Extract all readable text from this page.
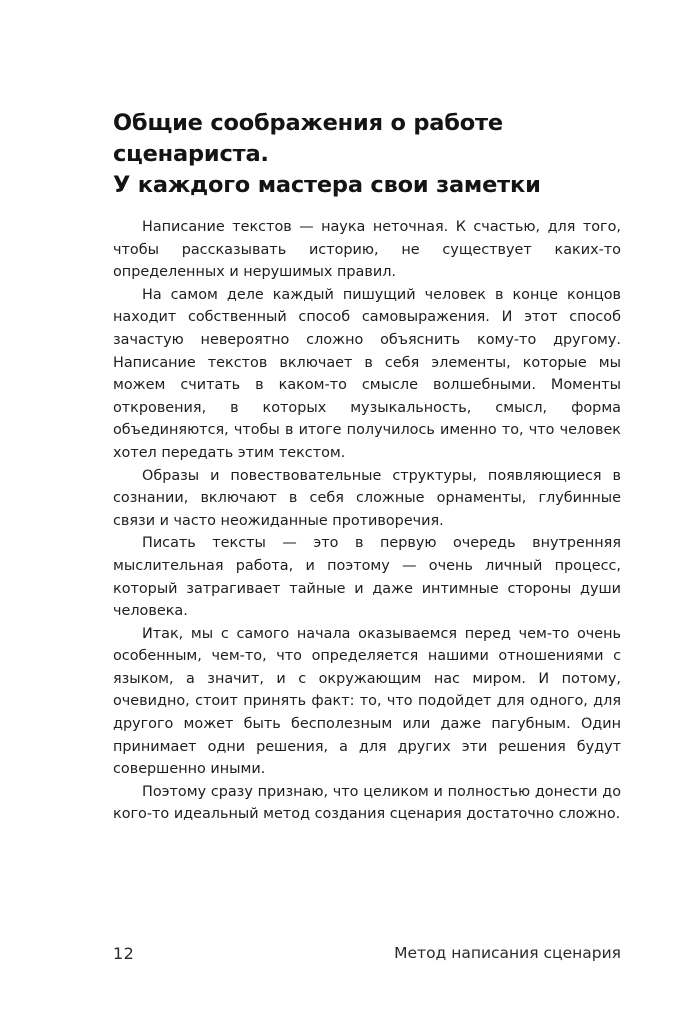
Общие соображения о работе
сценариста.
У каждого мастера свои заметки

Написание текстов — наука неточная. К счастью, для того, чтобы рассказывать историю, не существует каких-то определенных и нерушимых правил.

На самом деле каждый пишущий человек в конце концов находит собственный способ самовыражения. И этот способ зачастую невероятно сложно объяснить кому-то другому. Написание текстов включает в себя элементы, которые мы можем считать в каком-то смысле волшебными. Моменты откровения, в которых музыкальность, смысл, форма объединяются, чтобы в итоге получилось именно то, что человек хотел передать этим текстом.

Образы и повествовательные структуры, появляющиеся в сознании, включают в себя сложные орнаменты, глубинные связи и часто неожиданные противоречия.

Писать тексты — это в первую очередь внутренняя мыслительная работа, и поэтому — очень личный процесс, который затрагивает тайные и даже интимные стороны души человека.

Итак, мы с самого начала оказываемся перед чем-то очень особенным, чем-то, что определяется нашими отношениями с языком, а значит, и с окружающим нас миром. И потому, очевидно, стоит принять факт: то, что подойдет для одного, для другого может быть бесполезным или даже пагубным. Один принимает одни решения, а для других эти решения будут совершенно иными.

Поэтому сразу признаю, что целиком и полностью донести до кого-то идеальный метод создания сценария достаточно сложно.

12	Метод написания сценария
